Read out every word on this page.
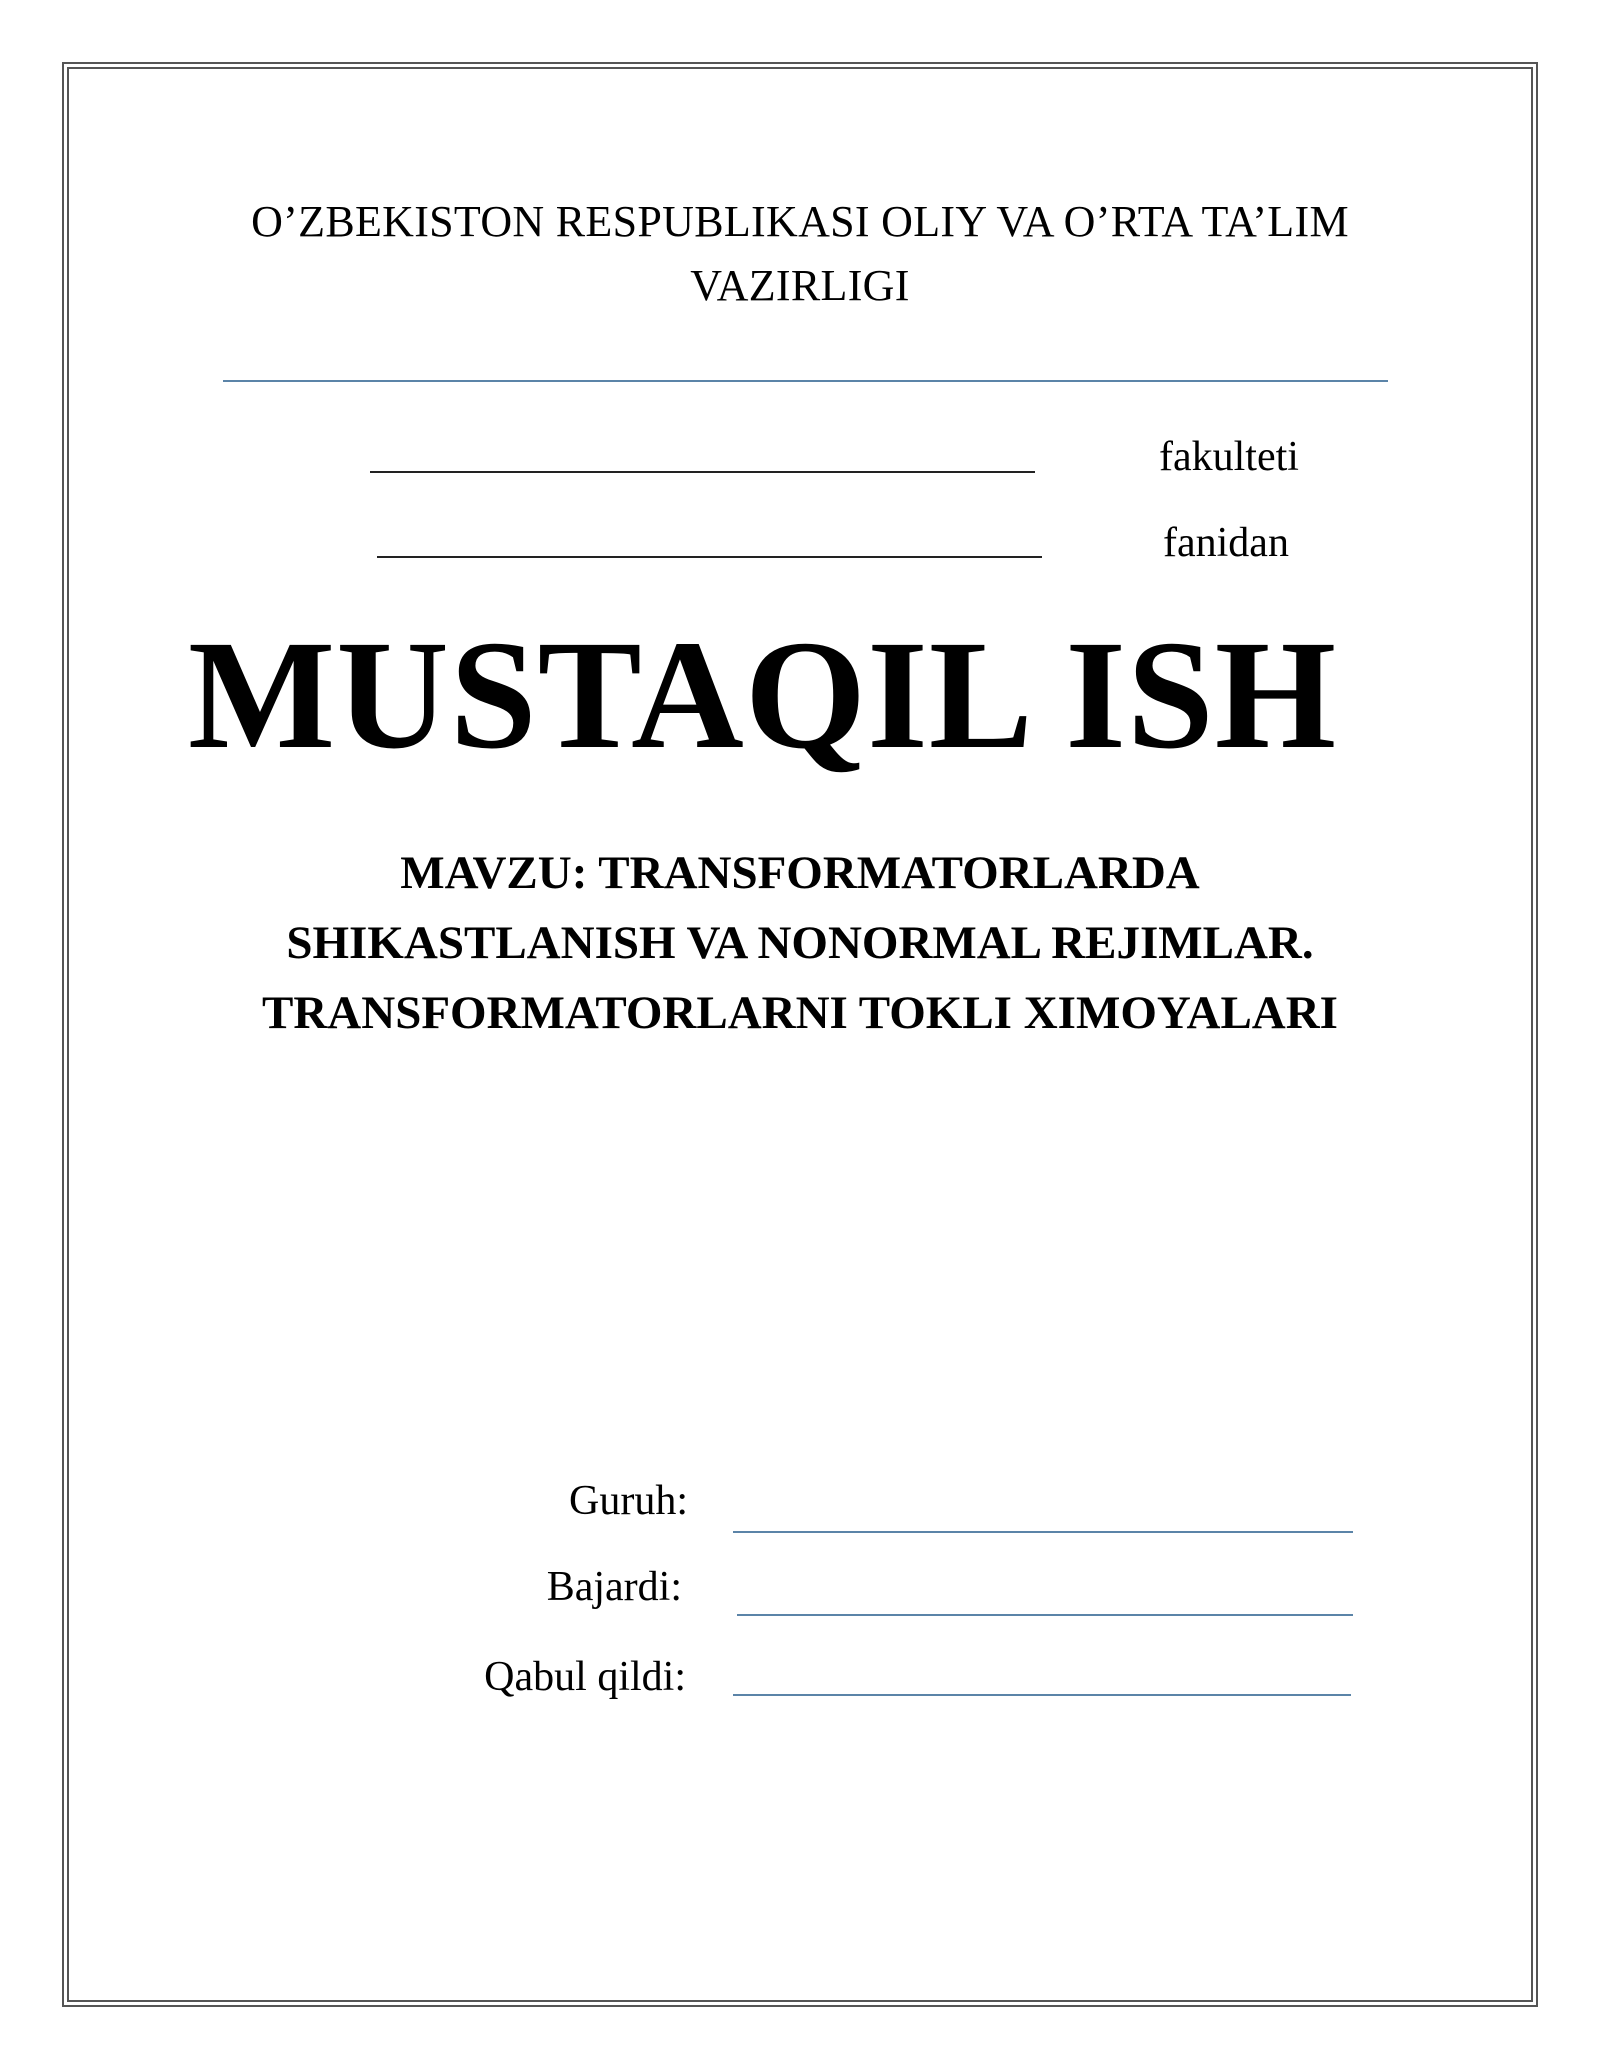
O’ZBEKISTON RESPUBLIKASI OLIY VA O’RTA TA’LIM
VAZIRLIGI
fakulteti
fanidan
MUSTAQIL ISH
MAVZU: TRANSFORMATORLARDA
SHIKASTLANISH VA NONORMAL REJIMLAR.
TRANSFORMATORLARNI TOKLI XIMOYALARI
Guruh:
Bajardi:
Qabul qildi:
